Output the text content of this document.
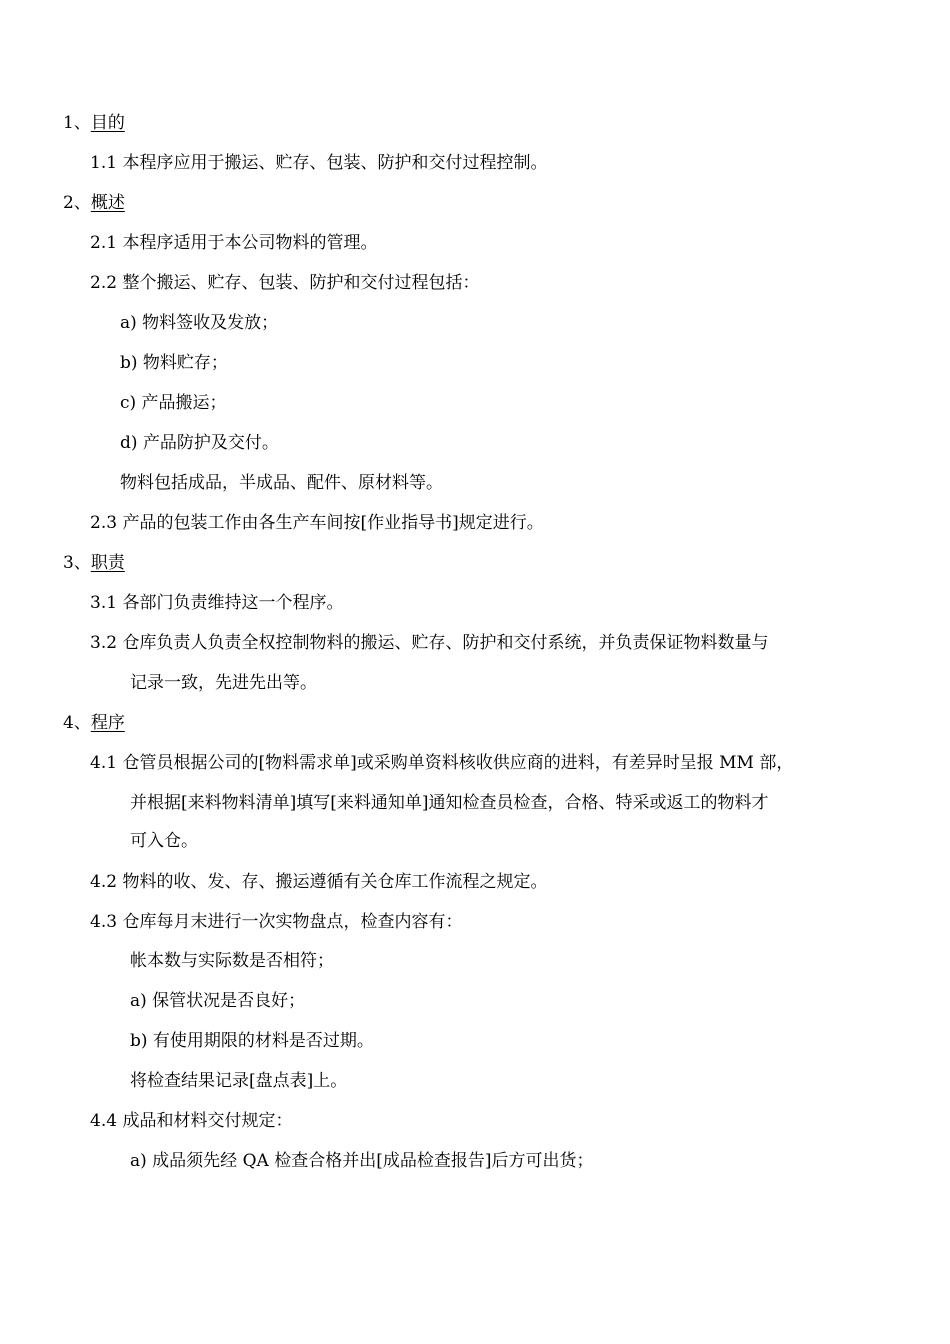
1、目的
1.1 本程序应用于搬运、贮存、包装、防护和交付过程控制。
2、概述
2.1 本程序适用于本公司物料的管理。
2.2 整个搬运、贮存、包装、防护和交付过程包括：
a) 物料签收及发放；
b) 物料贮存；
c) 产品搬运；
d) 产品防护及交付。
物料包括成品，半成品、配件、原材料等。
2.3 产品的包装工作由各生产车间按[作业指导书]规定进行。
3、职责
3.1 各部门负责维持这一个程序。
3.2 仓库负责人负责全权控制物料的搬运、贮存、防护和交付系统，并负责保证物料数量与
记录一致，先进先出等。
4、程序
4.1 仓管员根据公司的[物料需求单]或采购单资料核收供应商的进料，有差异时呈报 MM 部，
并根据[来料物料清单]填写[来料通知单]通知检查员检查，合格、特采或返工的物料才
可入仓。
4.2 物料的收、发、存、搬运遵循有关仓库工作流程之规定。
4.3 仓库每月末进行一次实物盘点，检查内容有：
帐本数与实际数是否相符；
a) 保管状况是否良好；
b) 有使用期限的材料是否过期。
将检查结果记录[盘点表]上。
4.4 成品和材料交付规定：
a) 成品须先经 QA 检查合格并出[成品检查报告]后方可出货；
